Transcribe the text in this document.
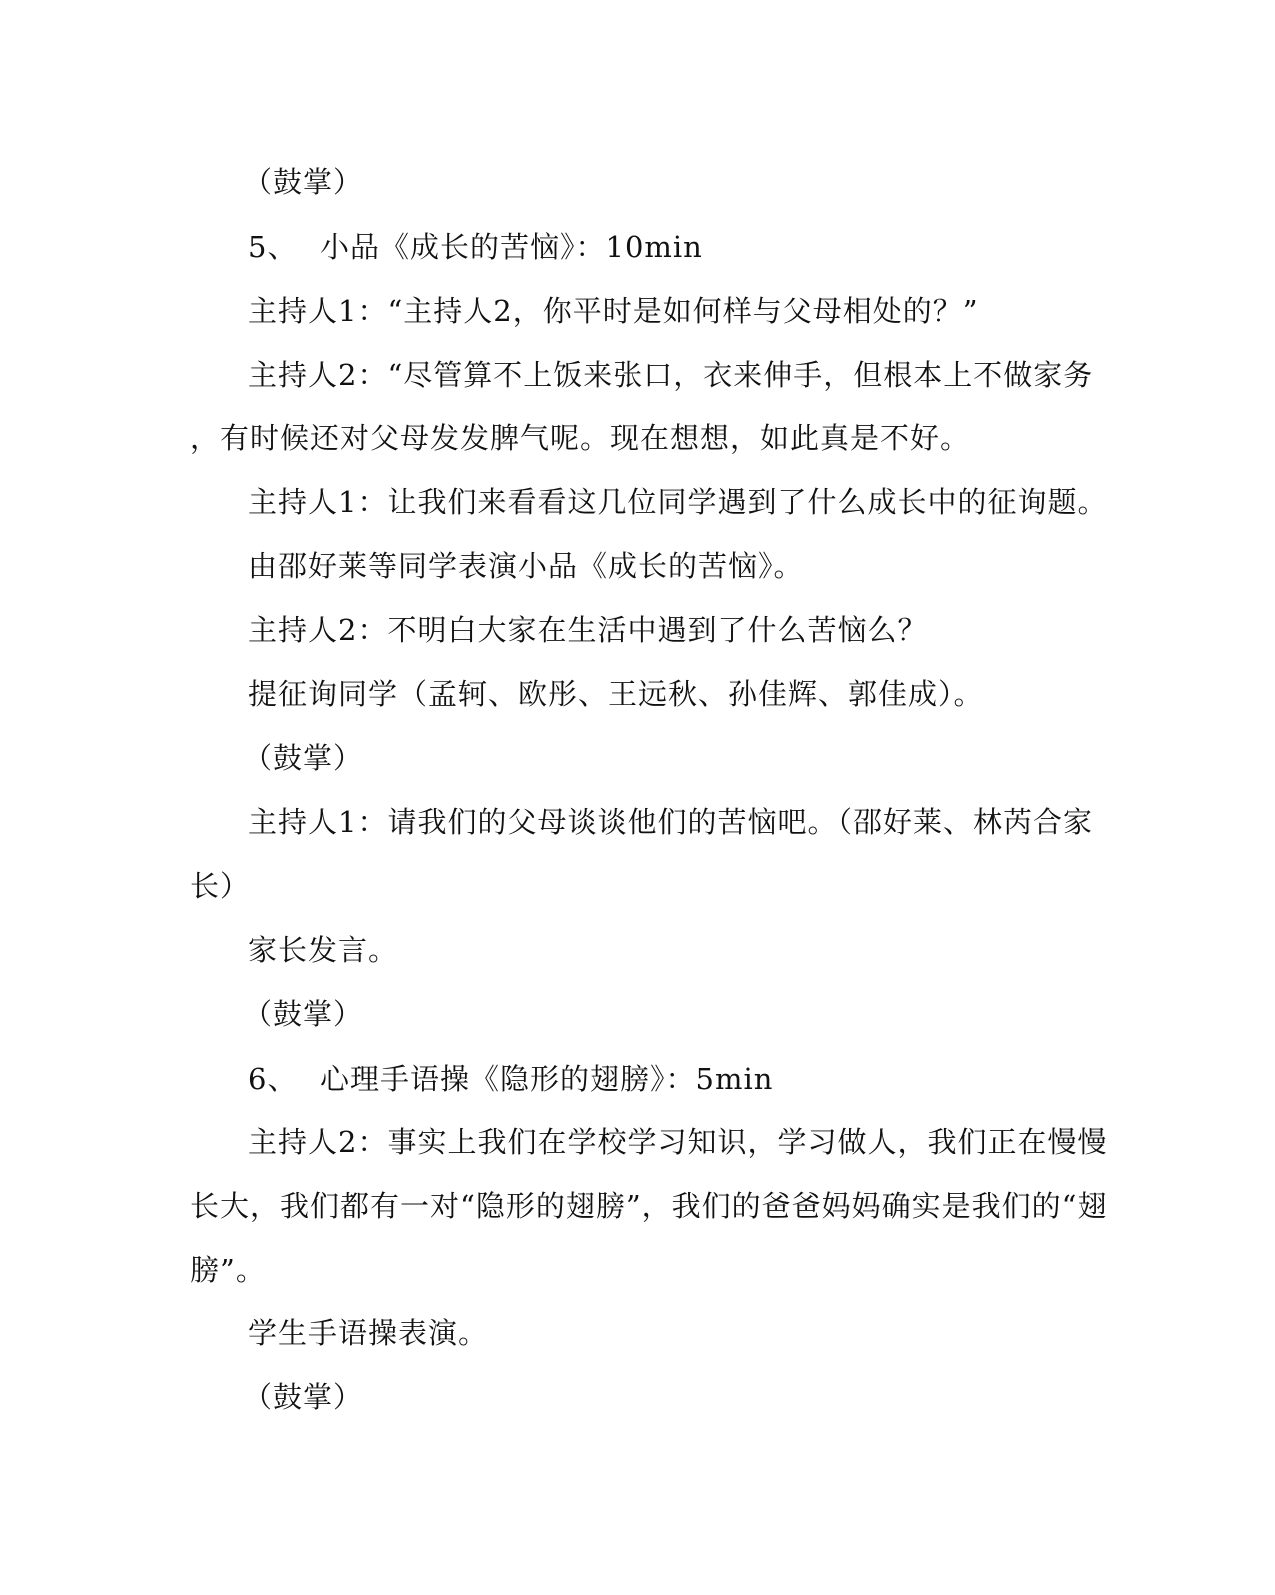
（鼓掌）
5、 小品《成长的苦恼》：10min
主持人1：“主持人2，你平时是如何样与父母相处的？”
主持人2：“尽管算不上饭来张口，衣来伸手，但根本上不做家务
，有时候还对父母发发脾气呢。现在想想，如此真是不好。
主持人1：让我们来看看这几位同学遇到了什么成长中的征询题。
由邵好莱等同学表演小品《成长的苦恼》。
主持人2：不明白大家在生活中遇到了什么苦恼么？
提征询同学（孟轲、欧彤、王远秋、孙佳辉、郭佳成）。
（鼓掌）
主持人1：请我们的父母谈谈他们的苦恼吧。（邵好莱、林芮合家
长）
家长发言。
（鼓掌）
6、 心理手语操《隐形的翅膀》：5min
主持人2：事实上我们在学校学习知识，学习做人，我们正在慢慢
长大，我们都有一对“隐形的翅膀”，我们的爸爸妈妈确实是我们的“翅
膀”。
学生手语操表演。
（鼓掌）
